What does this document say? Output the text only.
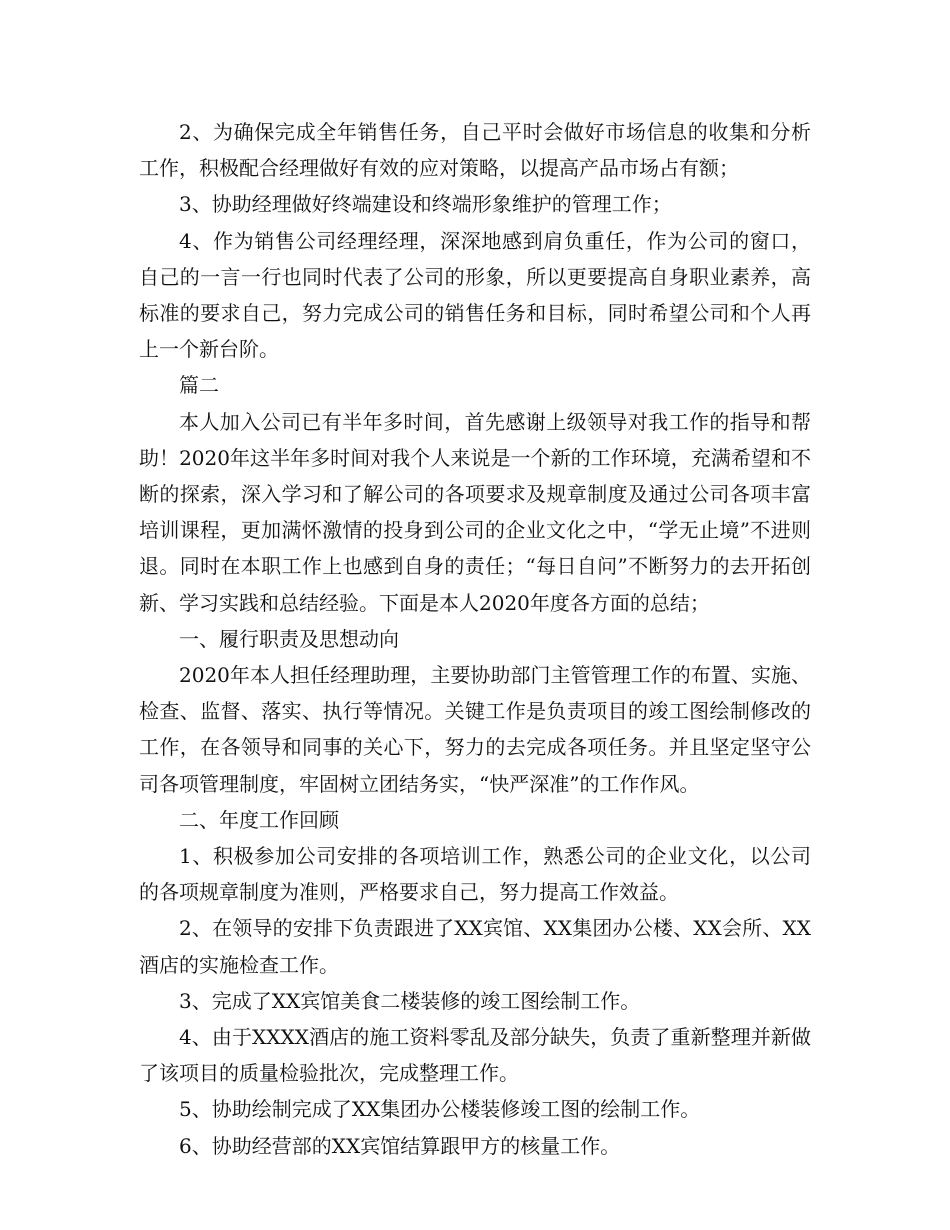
2、为确保完成全年销售任务，自己平时会做好市场信息的收集和分析工作，积极配合经理做好有效的应对策略，以提高产品市场占有额；

3、协助经理做好终端建设和终端形象维护的管理工作；

4、作为销售公司经理经理，深深地感到肩负重任，作为公司的窗口，自己的一言一行也同时代表了公司的形象，所以更要提高自身职业素养，高标准的要求自己，努力完成公司的销售任务和目标，同时希望公司和个人再上一个新台阶。

篇二

本人加入公司已有半年多时间，首先感谢上级领导对我工作的指导和帮助！2020年这半年多时间对我个人来说是一个新的工作环境，充满希望和不断的探索，深入学习和了解公司的各项要求及规章制度及通过公司各项丰富培训课程，更加满怀激情的投身到公司的企业文化之中，“学无止境”不进则退。同时在本职工作上也感到自身的责任；“每日自问”不断努力的去开拓创新、学习实践和总结经验。下面是本人2020年度各方面的总结；

一、履行职责及思想动向

2020年本人担任经理助理，主要协助部门主管管理工作的布置、实施、检查、监督、落实、执行等情况。关键工作是负责项目的竣工图绘制修改的工作，在各领导和同事的关心下，努力的去完成各项任务。并且坚定坚守公司各项管理制度，牢固树立团结务实，“快严深准”的工作作风。

二、年度工作回顾

1、积极参加公司安排的各项培训工作，熟悉公司的企业文化，以公司的各项规章制度为准则，严格要求自己，努力提高工作效益。

2、在领导的安排下负责跟进了XX宾馆、XX集团办公楼、XX会所、XX酒店的实施检查工作。

3、完成了XX宾馆美食二楼装修的竣工图绘制工作。

4、由于XXXX酒店的施工资料零乱及部分缺失，负责了重新整理并新做了该项目的质量检验批次，完成整理工作。

5、协助绘制完成了XX集团办公楼装修竣工图的绘制工作。

6、协助经营部的XX宾馆结算跟甲方的核量工作。
